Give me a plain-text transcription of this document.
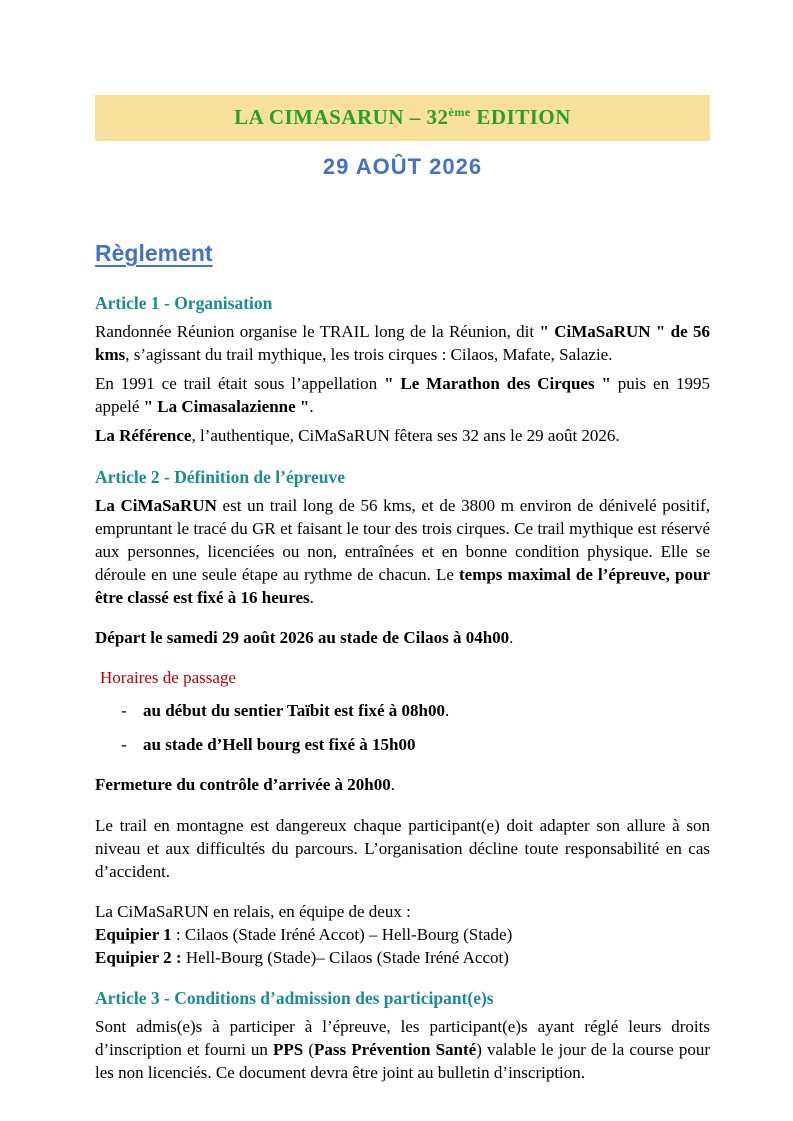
LA CIMASARUN – 32ème EDITION
29 AOÛT 2026
Règlement
Article 1 - Organisation

Randonnée Réunion organise le TRAIL long de la Réunion, dit " CiMaSaRUN " de 56 kms, s’agissant du trail mythique, les trois cirques : Cilaos, Mafate, Salazie.

En 1991 ce trail était sous l’appellation " Le Marathon des Cirques " puis en 1995 appelé " La Cimasalazienne ".

La Référence, l’authentique, CiMaSaRUN fêtera ses 32 ans le 29 août 2026.

Article 2 - Définition de l’épreuve

La CiMaSaRUN est un trail long de 56 kms, et de 3800 m environ de dénivelé positif, empruntant le tracé du GR et faisant le tour des trois cirques. Ce trail mythique est réservé aux personnes, licenciées ou non, entraînées et en bonne condition physique. Elle se déroule en une seule étape au rythme de chacun. Le temps maximal de l’épreuve, pour être classé est fixé à 16 heures.

Départ le samedi 29 août 2026 au stade de Cilaos à 04h00.

Horaires de passage

- au début du sentier Taïbit est fixé à 08h00.
- au stade d’Hell bourg est fixé à 15h00

Fermeture du contrôle d’arrivée à 20h00.

Le trail en montagne est dangereux chaque participant(e) doit adapter son allure à son niveau et aux difficultés du parcours. L’organisation décline toute responsabilité en cas d’accident.

La CiMaSaRUN en relais, en équipe de deux :

Equipier 1 : Cilaos (Stade Iréné Accot) – Hell-Bourg (Stade)

Equipier 2 : Hell-Bourg (Stade)– Cilaos (Stade Iréné Accot)

Article 3 - Conditions d’admission des participant(e)s

Sont admis(e)s à participer à l’épreuve, les participant(e)s ayant réglé leurs droits d’inscription et fourni un PPS (Pass Prévention Santé) valable le jour de la course pour les non licenciés. Ce document devra être joint au bulletin d’inscription.
